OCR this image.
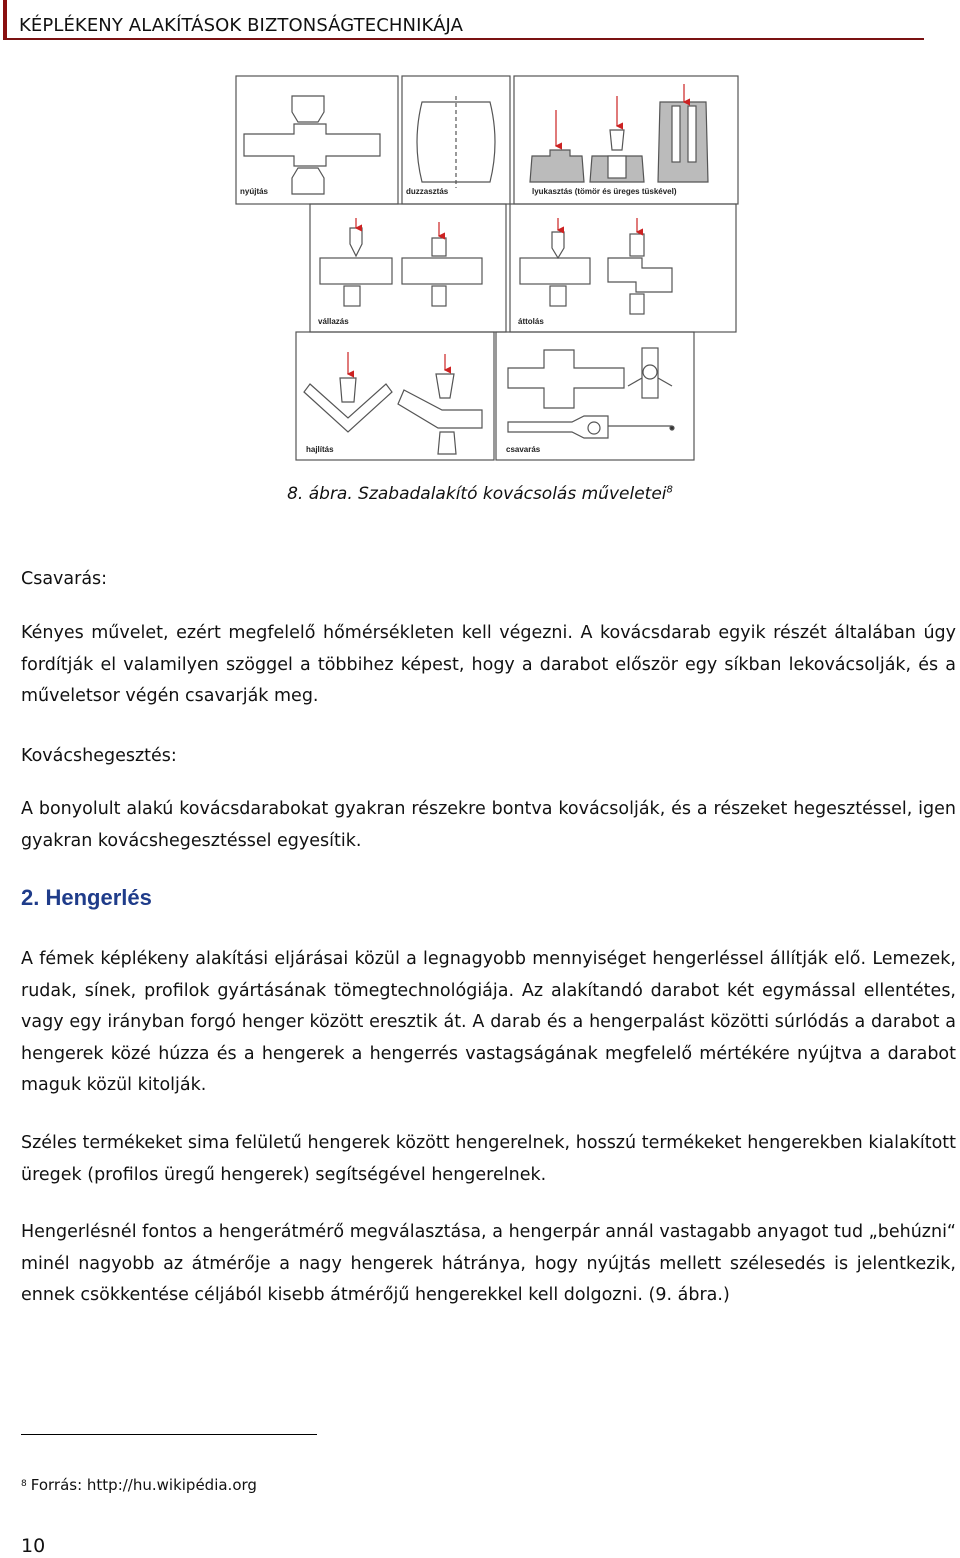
KÉPLÉKENY ALAKÍTÁSOK BIZTONSÁGTECHNIKÁJA
nyújtás	duzzasztás	lyukasztás (tömör és üreges tüskével)
vállazás	áttolás
hajlítás	csavarás
8. ábra. Szabadalakító kovácsolás műveletei$^8$

Csavarás:

Kényes művelet, ezért megfelelő hőmérsékleten kell végezni. A kovácsdarab egyik részét általában úgy fordítják el valamilyen szöggel a többihez képest, hogy a darabot először egy síkban lekovácsolják, és a műveletsor végén csavarják meg.

Kovácshegesztés:

A bonyolult alakú kovácsdarabokat gyakran részekre bontva kovácsolják, és a részeket hegesztéssel, igen gyakran kovácshegesztéssel egyesítik.

2. Hengerlés

A fémek képlékeny alakítási eljárásai közül a legnagyobb mennyiséget hengerléssel állítják elő. Lemezek, rudak, sínek, profilok gyártásának tömegtechnológiája. Az alakítandó darabot két egymással ellentétes, vagy egy irányban forgó henger között eresztik át. A darab és a hengerpalást közötti súrlódás a darabot a hengerek közé húzza és a hengerek a hengerrés vastagságának megfelelő mértékére nyújtva a darabot maguk közül kitolják.

Széles termékeket sima felületű hengerek között hengerelnek, hosszú termékeket hengerekben kialakított üregek (profilos üregű hengerek) segítségével hengerelnek.

Hengerlésnél fontos a hengerátmérő megválasztása, a hengerpár annál vastagabb anyagot tud „behúzni“ minél nagyobb az átmérője a nagy hengerek hátránya, hogy nyújtás mellett szélesedés is jelentkezik, ennek csökkentése céljából kisebb átmérőjű hengerekkel kell dolgozni. (9. ábra.)

$^8$ Forrás: http://hu.wikipédia.org
10
